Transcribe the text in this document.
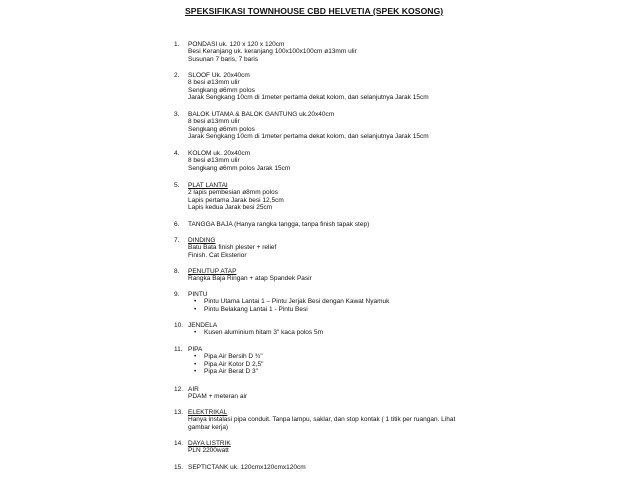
SPEKSIFIKASI TOWNHOUSE CBD HELVETIA (SPEK KOSONG)
1. PONDASI uk. 120 x 120 x 120cm
Besi Keranjang uk. keranjang 100x100x100cm ø13mm ulir
Susunan 7 baris, 7 baris
2. SLOOF Uk. 20x40cm
8 besi ø13mm ulir
Sengkang ø6mm polos
Jarak Sengkang 10cm di 1meter pertama dekat kolom, dan selanjutnya Jarak 15cm
3. BALOK UTAMA & BALOK GANTUNG uk.20x40cm
8 besi ø13mm ulir
Sengkang ø6mm polos
Jarak Sengkang 10cm di 1meter pertama dekat kolom, dan selanjutnya Jarak 15cm
4. KOLOM uk. 20x40cm
8 besi ø13mm ulir
Sengkang ø6mm polos Jarak 15cm
5. PLAT LANTAI
2 lapis pembesian ø8mm polos
Lapis pertama Jarak besi 12,5cm
Lapis kedua Jarak besi 25cm
6. TANGGA BAJA (Hanya rangka tangga, tanpa finish tapak step)
7. DINDING
Batu Bata finish plester + relief
Finish. Cat Eksterior
8. PENUTUP ATAP
Rangka Baja Ringan + atap Spandek Pasir
9. PINTU
• Pintu Utama Lantai 1 – Pintu Jerjak Besi dengan Kawat Nyamuk
• Pintu Belakang Lantai 1 - Pintu Besi
10. JENDELA
• Kusen aluminium hitam 3" kaca polos 5m
11. PIPA
• Pipa Air Bersih D ¾"
• Pipa Air Kotor D 2,5"
• Pipa Air Berat D 3"
12. AIR
PDAM + meteran air
13. ELEKTRIKAL
Hanya instalasi pipa conduit. Tanpa lampu, saklar, dan stop kontak ( 1 titik per ruangan. Lihat gambar kerja)
14. DAYA LISTRIK
PLN 2200watt
15. SEPTICTANK uk. 120cmx120cmx120cm
